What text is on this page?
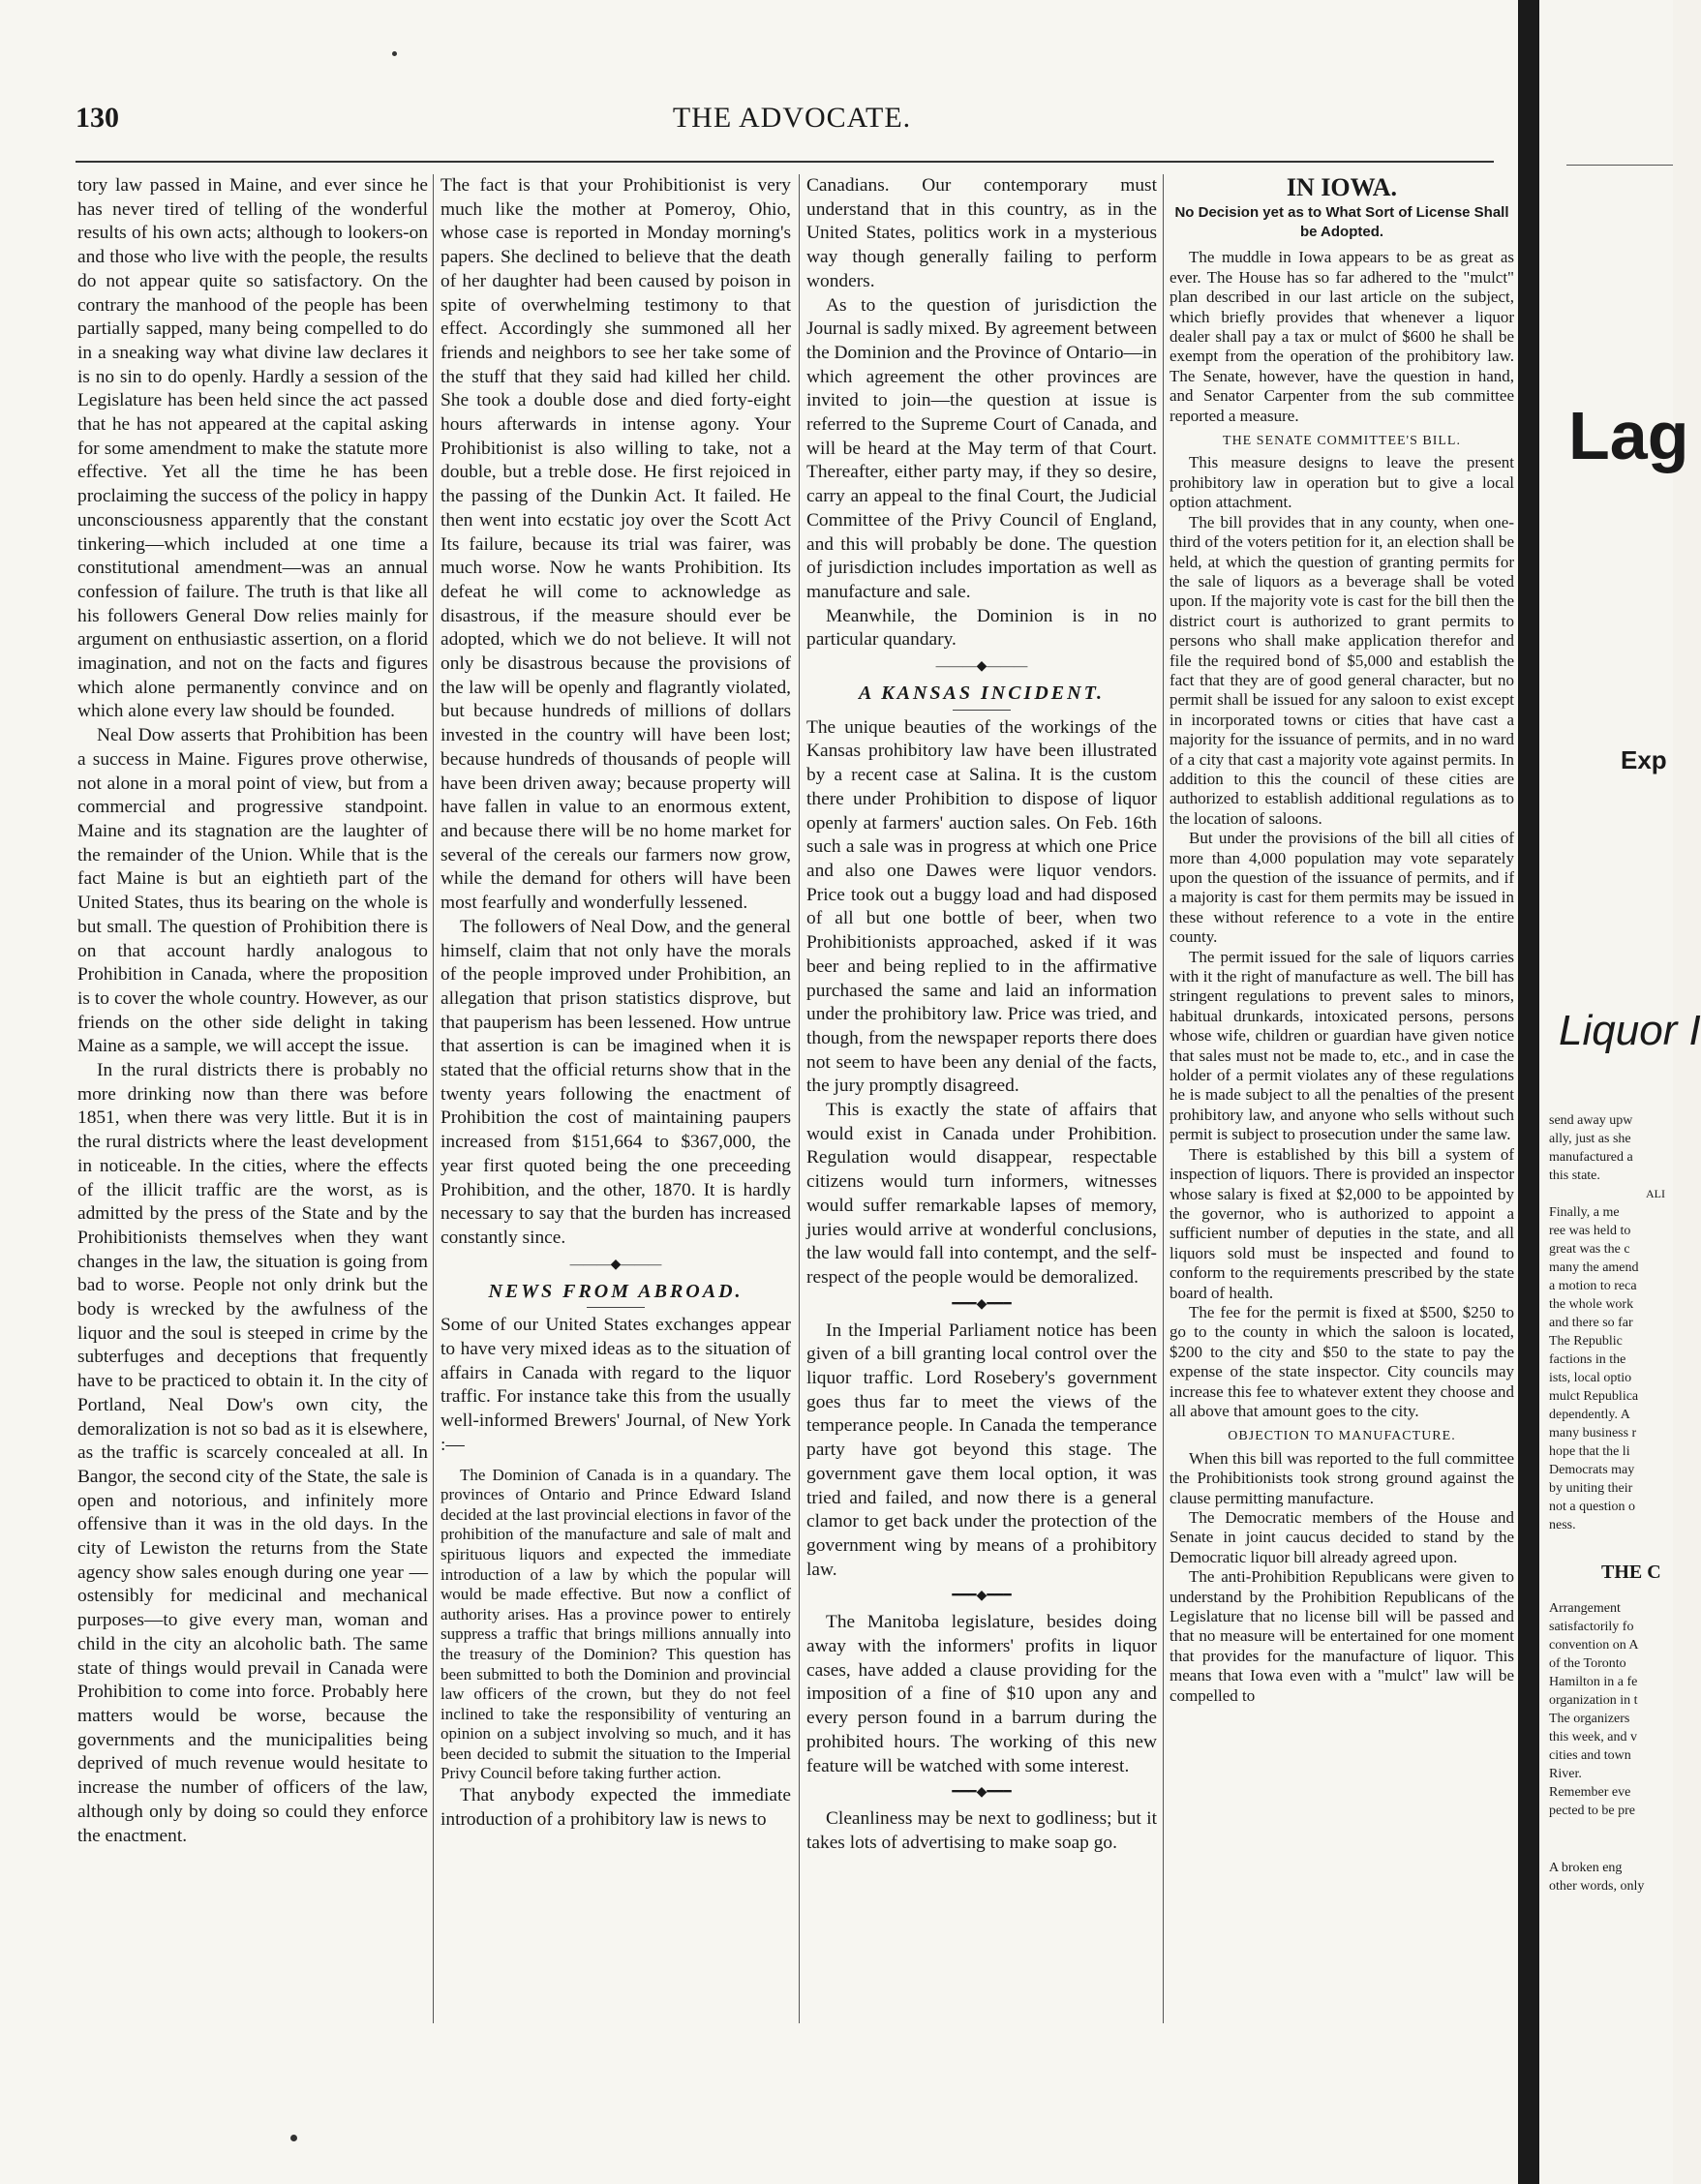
THE ADVOCATE.
130

tory law passed in Maine, and ever since he has never tired of telling of the wonderful results of his own acts; although to lookers-on and those who live with the people, the results do not appear quite so satisfactory. On the contrary the manhood of the people has been partially sapped, many being compelled to do in a sneaking way what divine law declares it is no sin to do openly. Hardly a session of the Legislature has been held since the act passed that he has not appeared at the capital asking for some amendment to make the statute more effective. Yet all the time he has been proclaiming the success of the policy in happy unconsciousness apparently that the constant tinkering—which included at one time a constitutional amendment—was an annual confession of failure. The truth is that like all his followers General Dow relies mainly for argument on enthusiastic assertion, on a florid imagination, and not on the facts and figures which alone permanently convince and on which alone every law should be founded.

Neal Dow asserts that Prohibition has been a success in Maine. Figures prove otherwise, not alone in a moral point of view, but from a commercial and progressive standpoint. Maine and its stagnation are the laughter of the remainder of the Union. While that is the fact Maine is but an eightieth part of the United States, thus its bearing on the whole is but small. The question of Prohibition there is on that account hardly analogous to Prohibition in Canada, where the proposition is to cover the whole country. However, as our friends on the other side delight in taking Maine as a sample, we will accept the issue.

In the rural districts there is probably no more drinking now than there was before 1851, when there was very little. But it is in the rural districts where the least development in noticeable. In the cities, where the effects of the illicit traffic are the worst, as is admitted by the press of the State and by the Prohibitionists themselves when they want changes in the law, the situation is going from bad to worse. People not only drink but the body is wrecked by the awfulness of the liquor and the soul is steeped in crime by the subterfuges and deceptions that frequently have to be practiced to obtain it. In the city of Portland, Neal Dow's own city, the demoralization is not so bad as it is elsewhere, as the traffic is scarcely concealed at all. In Bangor, the second city of the State, the sale is open and notorious, and infinitely more offensive than it was in the old days. In the city of Lewiston the returns from the State agency show sales enough during one year —ostensibly for medicinal and mechanical purposes—to give every man, woman and child in the city an alcoholic bath. The same state of things would prevail in Canada were Prohibition to come into force. Probably here matters would be worse, because the governments and the municipalities being deprived of much revenue would hesitate to increase the number of officers of the law, although only by doing so could they enforce the enactment.

The fact is that your Prohibitionist is very much like the mother at Pomeroy, Ohio, whose case is reported in Monday morning's papers. She declined to believe that the death of her daughter had been caused by poison in spite of overwhelming testimony to that effect. Accordingly she summoned all her friends and neighbors to see her take some of the stuff that they said had killed her child. She took a double dose and died forty-eight hours afterwards in intense agony. Your Prohibitionist is also willing to take, not a double, but a treble dose. He first rejoiced in the passing of the Dunkin Act. It failed. He then went into ecstatic joy over the Scott Act Its failure, because its trial was fairer, was much worse. Now he wants Prohibition. Its defeat he will come to acknowledge as disastrous, if the measure should ever be adopted, which we do not believe. It will not only be disastrous because the provisions of the law will be openly and flagrantly violated, but because hundreds of millions of dollars invested in the country will have been lost; because hundreds of thousands of people will have been driven away; because property will have fallen in value to an enormous extent, and because there will be no home market for several of the cereals our farmers now grow, while the demand for others will have been most fearfully and wonderfully lessened.

The followers of Neal Dow, and the general himself, claim that not only have the morals of the people improved under Prohibition, an allegation that prison statistics disprove, but that pauperism has been lessened. How untrue that assertion is can be imagined when it is stated that the official returns show that in the twenty years following the enactment of Prohibition the cost of maintaining paupers increased from $151,664 to $367,000, the year first quoted being the one preceeding Prohibition, and the other, 1870. It is hardly necessary to say that the burden has increased constantly since.

———◆———

NEWS FROM ABROAD.

Some of our United States exchanges appear to have very mixed ideas as to the situation of affairs in Canada with regard to the liquor traffic. For instance take this from the usually well-informed Brewers' Journal, of New York :—

The Dominion of Canada is in a quandary. The provinces of Ontario and Prince Edward Island decided at the last provincial elections in favor of the prohibition of the manufacture and sale of malt and spirituous liquors and expected the immediate introduction of a law by which the popular will would be made effective. But now a conflict of authority arises. Has a province power to entirely suppress a traffic that brings millions annually into the treasury of the Dominion? This question has been submitted to both the Dominion and provincial law officers of the crown, but they do not feel inclined to take the responsibility of venturing an opinion on a subject involving so much, and it has been decided to submit the situation to the Imperial Privy Council before taking further action.

That anybody expected the immediate introduction of a prohibitory law is news to

Canadians. Our contemporary must understand that in this country, as in the United States, politics work in a mysterious way though generally failing to perform wonders.

As to the question of jurisdiction the Journal is sadly mixed. By agreement between the Dominion and the Province of Ontario—in which agreement the other provinces are invited to join—the question at issue is referred to the Supreme Court of Canada, and will be heard at the May term of that Court. Thereafter, either party may, if they so desire, carry an appeal to the final Court, the Judicial Committee of the Privy Council of England, and this will probably be done. The question of jurisdiction includes importation as well as manufacture and sale.

Meanwhile, the Dominion is in no particular quandary.

———◆———

A KANSAS INCIDENT.

The unique beauties of the workings of the Kansas prohibitory law have been illustrated by a recent case at Salina. It is the custom there under Prohibition to dispose of liquor openly at farmers' auction sales. On Feb. 16th such a sale was in progress at which one Price and also one Dawes were liquor vendors. Price took out a buggy load and had disposed of all but one bottle of beer, when two Prohibitionists approached, asked if it was beer and being replied to in the affirmative purchased the same and laid an information under the prohibitory law. Price was tried, and though, from the newspaper reports there does not seem to have been any denial of the facts, the jury promptly disagreed.

This is exactly the state of affairs that would exist in Canada under Prohibition. Regulation would disappear, respectable citizens would turn informers, witnesses would suffer remarkable lapses of memory, juries would arrive at wonderful conclusions, the law would fall into contempt, and the self-respect of the people would be demoralized.

━━━◆━━━

In the Imperial Parliament notice has been given of a bill granting local control over the liquor traffic. Lord Rosebery's government goes thus far to meet the views of the temperance people. In Canada the temperance party have got beyond this stage. The government gave them local option, it was tried and failed, and now there is a general clamor to get back under the protection of the government wing by means of a prohibitory law.

━━━◆━━━

The Manitoba legislature, besides doing away with the informers' profits in liquor cases, have added a clause providing for the imposition of a fine of $10 upon any and every person found in a barrum during the prohibited hours. The working of this new feature will be watched with some interest.

━━━◆━━━

Cleanliness may be next to godliness; but it takes lots of advertising to make soap go.

IN IOWA.

No Decision yet as to What Sort of License Shall be Adopted.

The muddle in Iowa appears to be as great as ever. The House has so far adhered to the "mulct" plan described in our last article on the subject, which briefly provides that whenever a liquor dealer shall pay a tax or mulct of $600 he shall be exempt from the operation of the prohibitory law. The Senate, however, have the question in hand, and Senator Carpenter from the sub committee reported a measure.

THE SENATE COMMITTEE'S BILL.

This measure designs to leave the present prohibitory law in operation but to give a local option attachment.

The bill provides that in any county, when one-third of the voters petition for it, an election shall be held, at which the question of granting permits for the sale of liquors as a beverage shall be voted upon. If the majority vote is cast for the bill then the district court is authorized to grant permits to persons who shall make application therefor and file the required bond of $5,000 and establish the fact that they are of good general character, but no permit shall be issued for any saloon to exist except in incorporated towns or cities that have cast a majority for the issuance of permits, and in no ward of a city that cast a majority vote against permits. In addition to this the council of these cities are authorized to establish additional regulations as to the location of saloons.

But under the provisions of the bill all cities of more than 4,000 population may vote separately upon the question of the issuance of permits, and if a majority is cast for them permits may be issued in these without reference to a vote in the entire county.

The permit issued for the sale of liquors carries with it the right of manufacture as well. The bill has stringent regulations to prevent sales to minors, habitual drunkards, intoxicated persons, persons whose wife, children or guardian have given notice that sales must not be made to, etc., and in case the holder of a permit violates any of these regulations he is made subject to all the penalties of the present prohibitory law, and anyone who sells without such permit is subject to prosecution under the same law.

There is established by this bill a system of inspection of liquors. There is provided an inspector whose salary is fixed at $2,000 to be appointed by the governor, who is authorized to appoint a sufficient number of deputies in the state, and all liquors sold must be inspected and found to conform to the requirements prescribed by the state board of health.

The fee for the permit is fixed at $500, $250 to go to the county in which the saloon is located, $200 to the city and $50 to the state to pay the expense of the state inspector. City councils may increase this fee to whatever extent they choose and all above that amount goes to the city.

OBJECTION TO MANUFACTURE.

When this bill was reported to the full committee the Prohibitionists took strong ground against the clause permitting manufacture.

The Democratic members of the House and Senate in joint caucus decided to stand by the Democratic liquor bill already agreed upon.

The anti-Prohibition Republicans were given to understand by the Prohibition Republicans of the Legislature that no license bill will be passed and that no measure will be entertained for one moment that provides for the manufacture of liquor. This means that Iowa even with a "mulct" law will be compelled to

Lag
Exp
Liquor I
send away upw
ally, just as she
manufactured a
this state.
ALI
Finally, a me
ree was held to
great was the c
many the amend
a motion to reca
the whole work
and there so far
The Republic
factions in the
ists, local optio
mulct Republica
dependently. A
many business r
hope that the li
Democrats may
by uniting their
not a question o
ness.
THE C
Arrangement
satisfactorily fo
convention on A
of the Toronto
Hamilton in a fe
organization in t
The organizers
this week, and v
cities and town
River.
Remember eve
pected to be pre
A broken eng
other words, only
